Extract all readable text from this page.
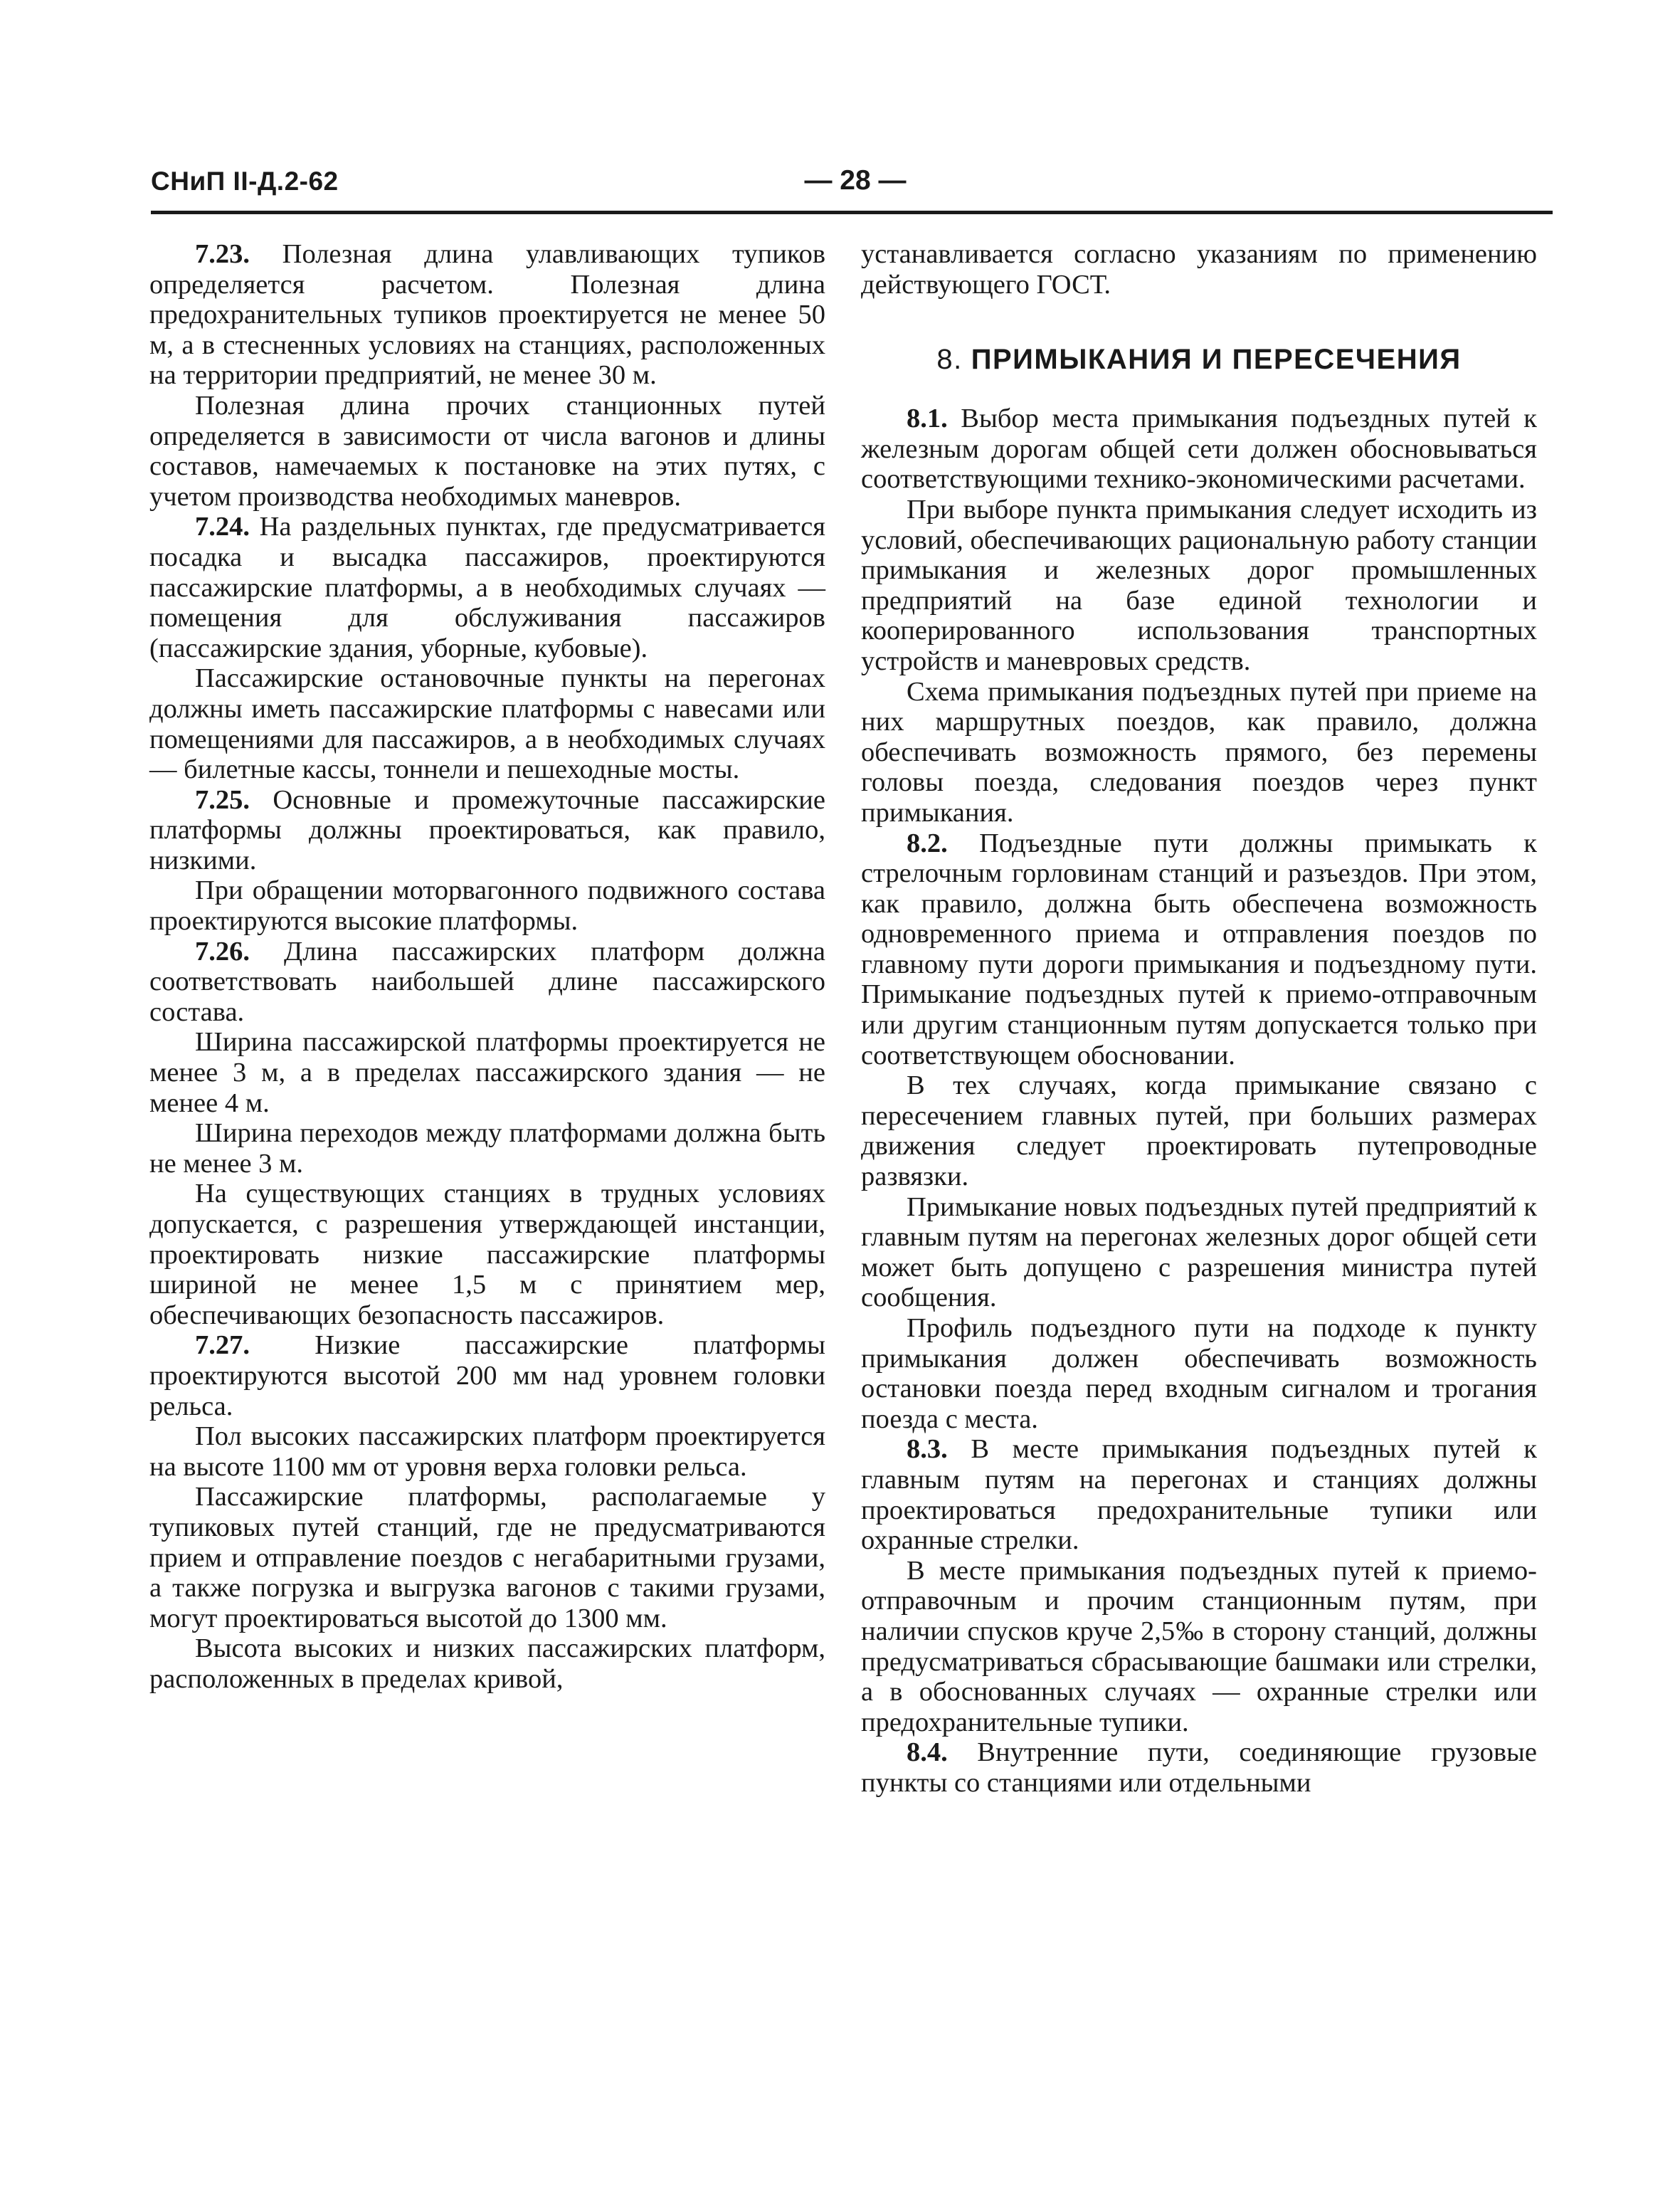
СНиП II-Д.2-62	— 28 —

7.23. Полезная длина улавливающих тупиков определяется расчетом. Полезная длина предохранительных тупиков проектируется не менее 50 м, а в стесненных условиях на станциях, расположенных на территории предприятий, не менее 30 м.

Полезная длина прочих станционных путей определяется в зависимости от числа вагонов и длины составов, намечаемых к постановке на этих путях, с учетом производства необходимых маневров.

7.24. На раздельных пунктах, где предусматривается посадка и высадка пассажиров, проектируются пассажирские платформы, а в необходимых случаях — помещения для обслуживания пассажиров (пассажирские здания, уборные, кубовые).

Пассажирские остановочные пункты на перегонах должны иметь пассажирские платформы с навесами или помещениями для пассажиров, а в необходимых случаях — билетные кассы, тоннели и пешеходные мосты.

7.25. Основные и промежуточные пассажирские платформы должны проектироваться, как правило, низкими.

При обращении моторвагонного подвижного состава проектируются высокие платформы.

7.26. Длина пассажирских платформ должна соответствовать наибольшей длине пассажирского состава.

Ширина пассажирской платформы проектируется не менее 3 м, а в пределах пассажирского здания — не менее 4 м.

Ширина переходов между платформами должна быть не менее 3 м.

На существующих станциях в трудных условиях допускается, с разрешения утверждающей инстанции, проектировать низкие пассажирские платформы шириной не менее 1,5 м с принятием мер, обеспечивающих безопасность пассажиров.

7.27. Низкие пассажирские платформы проектируются высотой 200 мм над уровнем головки рельса.

Пол высоких пассажирских платформ проектируется на высоте 1100 мм от уровня верха головки рельса.

Пассажирские платформы, располагаемые у тупиковых путей станций, где не предусматриваются прием и отправление поездов с негабаритными грузами, а также погрузка и выгрузка вагонов с такими грузами, могут проектироваться высотой до 1300 мм.

Высота высоких и низких пассажирских платформ, расположенных в пределах кривой,

устанавливается согласно указаниям по применению действующего ГОСТ.

8. ПРИМЫКАНИЯ И ПЕРЕСЕЧЕНИЯ

8.1. Выбор места примыкания подъездных путей к железным дорогам общей сети должен обосновываться соответствующими технико-экономическими расчетами.

При выборе пункта примыкания следует исходить из условий, обеспечивающих рациональную работу станции примыкания и железных дорог промышленных предприятий на базе единой технологии и кооперированного использования транспортных устройств и маневровых средств.

Схема примыкания подъездных путей при приеме на них маршрутных поездов, как правило, должна обеспечивать возможность прямого, без перемены головы поезда, следования поездов через пункт примыкания.

8.2. Подъездные пути должны примыкать к стрелочным горловинам станций и разъездов. При этом, как правило, должна быть обеспечена возможность одновременного приема и отправления поездов по главному пути дороги примыкания и подъездному пути. Примыкание подъездных путей к приемо-отправочным или другим станционным путям допускается только при соответствующем обосновании.

В тех случаях, когда примыкание связано с пересечением главных путей, при больших размерах движения следует проектировать путепроводные развязки.

Примыкание новых подъездных путей предприятий к главным путям на перегонах железных дорог общей сети может быть допущено с разрешения министра путей сообщения.

Профиль подъездного пути на подходе к пункту примыкания должен обеспечивать возможность остановки поезда перед входным сигналом и трогания поезда с места.

8.3. В месте примыкания подъездных путей к главным путям на перегонах и станциях должны проектироваться предохранительные тупики или охранные стрелки.

В месте примыкания подъездных путей к приемо-отправочным и прочим станционным путям, при наличии спусков круче 2,5‰ в сторону станций, должны предусматриваться сбрасывающие башмаки или стрелки, а в обоснованных случаях — охранные стрелки или предохранительные тупики.

8.4. Внутренние пути, соединяющие грузовые пункты со станциями или отдельными
